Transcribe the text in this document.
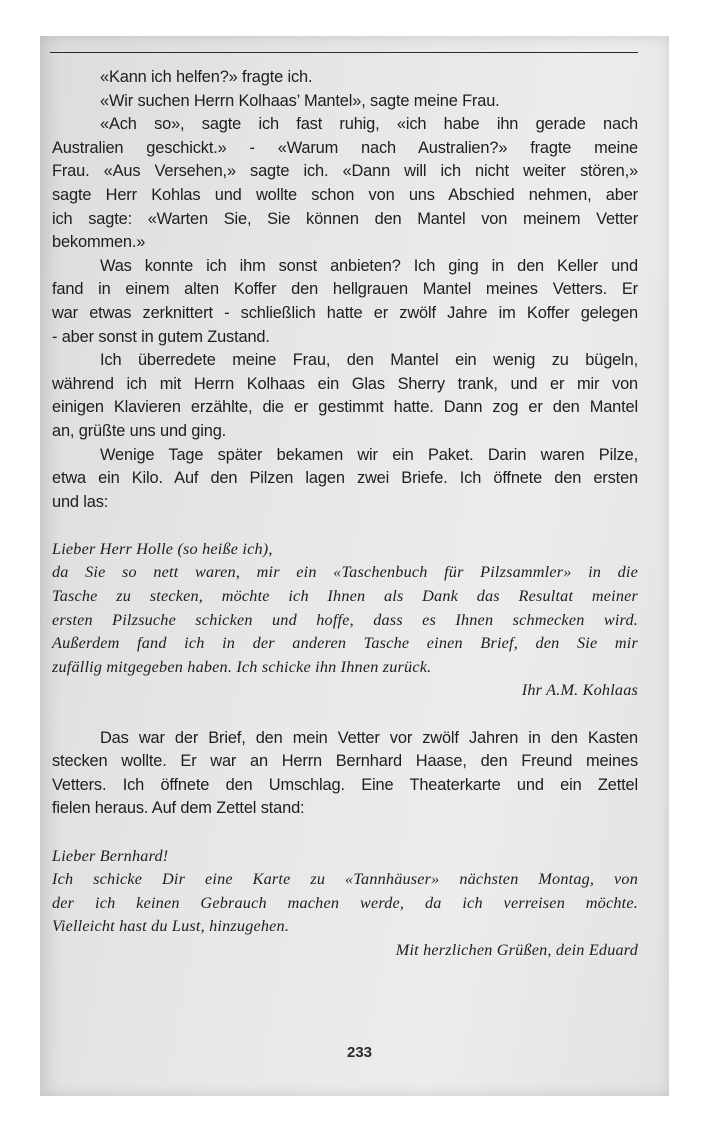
«Kann ich helfen?» fragte ich.
«Wir suchen Herrn Kolhaas’ Mantel», sagte meine Frau.
«Ach so», sagte ich fast ruhig, «ich habe ihn gerade nach
Australien geschickt.» - «Warum nach Australien?» fragte meine
Frau. «Aus Versehen,» sagte ich. «Dann will ich nicht weiter stören,»
sagte Herr Kohlas und wollte schon von uns Abschied nehmen, aber
ich sagte: «Warten Sie, Sie können den Mantel von meinem Vetter
bekommen.»
Was konnte ich ihm sonst anbieten? Ich ging in den Keller und
fand in einem alten Koffer den hellgrauen Mantel meines Vetters. Er
war etwas zerknittert - schließlich hatte er zwölf Jahre im Koffer gelegen
- aber sonst in gutem Zustand.
Ich überredete meine Frau, den Mantel ein wenig zu bügeln,
während ich mit Herrn Kolhaas ein Glas Sherry trank, und er mir von
einigen Klavieren erzählte, die er gestimmt hatte. Dann zog er den Mantel
an, grüßte uns und ging.
Wenige Tage später bekamen wir ein Paket. Darin waren Pilze,
etwa ein Kilo. Auf den Pilzen lagen zwei Briefe. Ich öffnete den ersten
und las:
Lieber Herr Holle (so heiße ich),
da Sie so nett waren, mir ein «Taschenbuch für Pilzsammler» in die
Tasche zu stecken, möchte ich Ihnen als Dank das Resultat meiner
ersten Pilzsuche schicken und hoffe, dass es Ihnen schmecken wird.
Außerdem fand ich in der anderen Tasche einen Brief, den Sie mir
zufällig mitgegeben haben. Ich schicke ihn Ihnen zurück.
Ihr A.M. Kohlaas
Das war der Brief, den mein Vetter vor zwölf Jahren in den Kasten
stecken wollte. Er war an Herrn Bernhard Haase, den Freund meines
Vetters. Ich öffnete den Umschlag. Eine Theaterkarte und ein Zettel
fielen heraus. Auf dem Zettel stand:
Lieber Bernhard!
Ich schicke Dir eine Karte zu «Tannhäuser» nächsten Montag, von
der ich keinen Gebrauch machen werde, da ich verreisen möchte.
Vielleicht hast du Lust, hinzugehen.
Mit herzlichen Grüßen, dein Eduard
233
